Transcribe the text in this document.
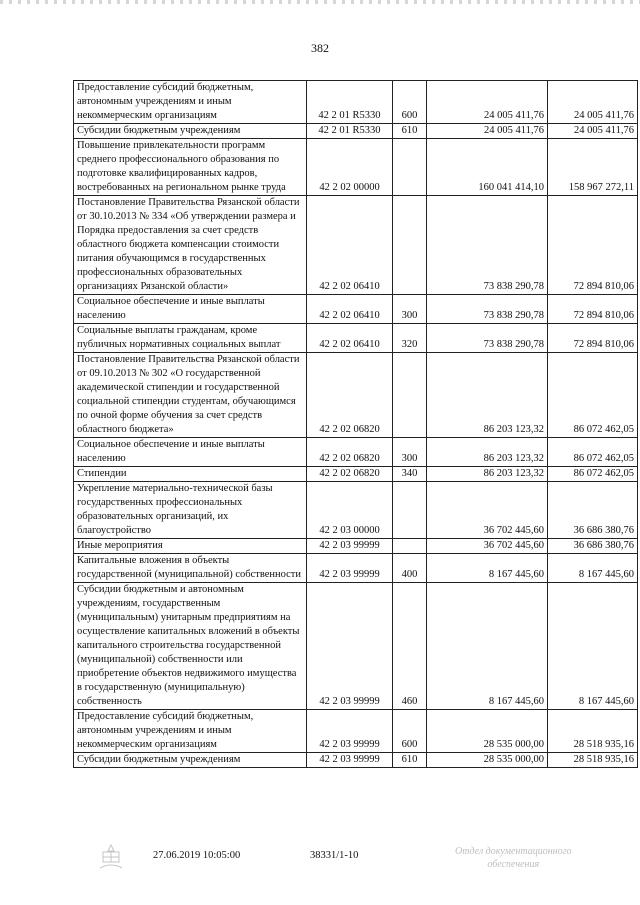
382
Предоставление субсидий бюджетным, автономным учреждениям и иным некоммерческим организациям	42 2 01 R5330	600	24 005 411,76	24 005 411,76
Субсидии бюджетным учреждениям	42 2 01 R5330	610	24 005 411,76	24 005 411,76
Повышение привлекательности программ среднего профессионального образования по подготовке квалифицированных кадров, востребованных на региональном рынке труда	42 2 02 00000		160 041 414,10	158 967 272,11
Постановление Правительства Рязанской области от 30.10.2013 № 334 «Об утверждении размера и Порядка предоставления за счет средств областного бюджета компенсации стоимости питания обучающимся в государственных профессиональных образовательных организациях Рязанской области»	42 2 02 06410		73 838 290,78	72 894 810,06
Социальное обеспечение и иные выплаты населению	42 2 02 06410	300	73 838 290,78	72 894 810,06
Социальные выплаты гражданам, кроме публичных нормативных социальных выплат	42 2 02 06410	320	73 838 290,78	72 894 810,06
Постановление Правительства Рязанской области от 09.10.2013 № 302 «О государственной академической стипендии и государственной социальной стипендии студентам, обучающимся по очной форме обучения за счет средств областного бюджета»	42 2 02 06820		86 203 123,32	86 072 462,05
Социальное обеспечение и иные выплаты населению	42 2 02 06820	300	86 203 123,32	86 072 462,05
Стипендии	42 2 02 06820	340	86 203 123,32	86 072 462,05
Укрепление материально-технической базы государственных профессиональных образовательных организаций, их благоустройство	42 2 03 00000		36 702 445,60	36 686 380,76
Иные мероприятия	42 2 03 99999		36 702 445,60	36 686 380,76
Капитальные вложения в объекты государственной (муниципальной) собственности	42 2 03 99999	400	8 167 445,60	8 167 445,60
Субсидии бюджетным и автономным учреждениям, государственным (муниципальным) унитарным предприятиям на осуществление капитальных вложений в объекты капитального строительства государственной (муниципальной) собственности или приобретение объектов недвижимого имущества в государственную (муниципальную) собственность	42 2 03 99999	460	8 167 445,60	8 167 445,60
Предоставление субсидий бюджетным, автономным учреждениям и иным некоммерческим организациям	42 2 03 99999	600	28 535 000,00	28 518 935,16
Субсидии бюджетным учреждениям	42 2 03 99999	610	28 535 000,00	28 518 935,16
27.06.2019 10:05:00	38331/1-10	Отдел документационного
обеспечения
